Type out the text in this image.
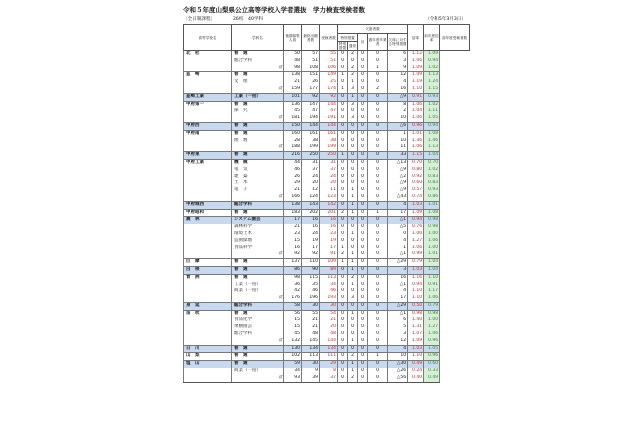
令和５年度山梨県公立高等学校入学者選抜　学力検査受検者数
〔全日制課程〕	26校　40学科	（令和5年3月3日）
高等学校名	学科名	後期募集人員	最終出願者数	受検者数	欠席者数					倍率	前年度倍率	前年度受検者数
					特別措置		計	過年度卒業者	欠席に対する特別措置			
					特別措置	通常						
北　杜	普　通	50	57	55	0	2	0	0	6	1.12	1.09	
	総合学科	48	51	51	0	0	0	0	3	1.06	0.94	
	計	98	108	106	0	2	0	1	9	1.09	1.02	
韮　崎	普　通	138	151	149	1	2	0	0	12	1.09	1.13	
	文　理	21	26	25	0	1	0	0	4	1.19	1.24	
	計	159	177	174	1	3	0	2	16	1.10	1.15	
韮崎工業	工業（一括）	101	92	92	0	1	0	0	△9	0.91	0.93	
甲府第一	普　通	136	147	144	0	3	0	0	8	1.06	1.02	
	探　究	45	47	47	0	0	0	0	2	1.04	1.11	
	計	181	194	191	0	3	0	0	10	1.06	1.05	
甲府西	普　通	150	144	144	0	0	0	0	△6	0.96	0.94	
甲府南	普　通	160	161	161	0	0	0	0	1	1.01	1.08	
	理　数	28	38	38	0	0	0	0	10	1.36	1.46	
	計	188	199	199	0	0	0	0	11	1.06	1.13	
甲府東	普　通	216	250	250	1	0	0	0	33	1.15	1.04	
甲府工業	機　械	44	31	31	0	0	0	0	△13	0.70	0.70	
	電　気	46	37	37	0	0	0	0	△9	0.80	1.02	
	建　築	26	24	24	0	0	0	0	△2	0.92	0.83	
	土　木	29	20	20	0	0	0	0	△9	0.60	0.83	
	電　子	21	12	11	0	1	0	0	△9	0.57	0.93	
	計	166	124	123	0	1	0	0	△43	0.74	0.86	
甲府城西	総合学科	138	143	142	0	1	0	0	4	1.03	1.01	
甲府昭和	普　通	183	202	201	2	1	0	1	17	1.09	1.08	
農　林	システム園芸	17	16	16	0	0	0	0	△1	0.94	0.98	
	森林科学	21	16	16	0	0	0	0	△5	0.76	0.98	
	環境土木	23	24	23	0	1	0	0	0	1.00	1.00	
	造園緑地	15	19	19	0	0	0	0	4	1.27	1.06	
	食品科学	16	17	17	1	0	0	0	1	1.06	1.00	
	計	92	92	91	2	1	0	0	△1	0.99	1.01	
巨　摩	普　通	137	110	109	1	1	0	0	△29	0.79	1.04	
白　根	普　通	86	90	89	0	1	0	0	3	1.03	1.04	
青　洲	普　通	98	115	113	0	2	0	0	16	1.16	1.10	
	工業（一括）	36	35	34	0	1	0	0	△1	0.94	0.91	
	商業（一括）	42	46	46	0	0	0	0	4	1.10	1.17	
	計	176	196	193	0	3	0	0	17	1.10	1.06	
身　延	総合学科	58	30	30	0	0	0	0	△29	0.50	0.79	
笛　吹	普　通	56	55	54	0	1	0	0	△1	0.98	0.98	
	食品化学	15	21	21	0	0	0	0	6	1.40	1.00	
	果樹園芸	15	21	20	0	0	0	0	5	1.31	1.27	
	総合学科	45	48	48	0	0	0	0	3	1.07	1.06	
	計	132	145	144	0	1	0	0	12	1.09	0.96	
日　川	普　通	130	134	134	0	0	0	0	4	1.03	1.05	
山　梨	普　通	102	113	111	0	2	0	1	10	1.10	0.96	
塩　山	普　通	59	30	29	0	1	0	0	△30	0.49	0.60	
	商業（一括）	34	9	8	0	1	0	0	△26	0.24	0.33	
	計	93	39	37	0	2	0	0	△56	0.40	0.49	
